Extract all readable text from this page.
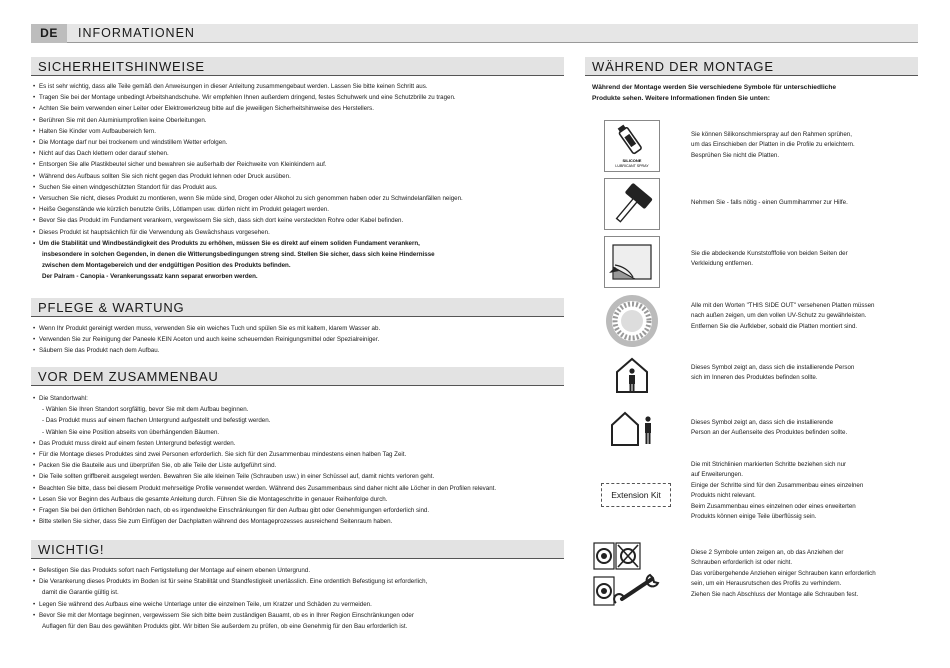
DE	INFORMATIONEN
SICHERHEITSHINWEISE
• Es ist sehr wichtig, dass alle Teile gemäß den Anweisungen in dieser Anleitung zusammengebaut werden. Lassen Sie bitte keinen Schritt aus.
• Tragen Sie bei der Montage unbedingt Arbeitshandschuhe. Wir empfehlen Ihnen außerdem dringend, festes Schuhwerk und eine Schutzbrille zu tragen.
• Achten Sie beim verwenden einer Leiter oder Elektrowerkzeug bitte auf die jeweiligen Sicherheitshinweise des Herstellers.
• Berühren Sie mit den Aluminiumprofilen keine Oberleitungen.
• Halten Sie Kinder vom Aufbaubereich fern.
• Die Montage darf nur bei trockenem und windstillem Wetter erfolgen.
• Nicht auf das Dach klettern oder darauf stehen.
• Entsorgen Sie alle Plastikbeutel sicher und bewahren sie außerhalb der Reichweite von Kleinkindern auf.
• Während des Aufbaus sollten Sie sich nicht gegen das Produkt lehnen oder Druck ausüben.
• Suchen Sie einen windgeschützten Standort für das Produkt aus.
• Versuchen Sie nicht, dieses Produkt zu montieren, wenn Sie müde sind, Drogen oder Alkohol zu sich genommen haben oder zu Schwindelanfällen neigen.
• Heiße Gegenstände wie kürzlich benutzte Grills, Lötlampen usw. dürfen nicht im Produkt gelagert werden.
• Bevor Sie das Produkt im Fundament verankern, vergewissern Sie sich, dass sich dort keine versteckten Rohre oder Kabel befinden.
• Dieses Produkt ist hauptsächlich für die Verwendung als Gewächshaus vorgesehen.
• Um die Stabilität und Windbeständigkeit des Produkts zu erhöhen, müssen Sie es direkt auf einem soliden Fundament verankern,
insbesondere in solchen Gegenden, in denen die Witterungsbedingungen streng sind. Stellen Sie sicher, dass sich keine Hindernisse
zwischen dem Montagebereich und der endgültigen Position des Produkts befinden.
Der Palram - Canopia - Verankerungssatz kann separat erworben werden.
PFLEGE & WARTUNG
• Wenn Ihr Produkt gereinigt werden muss, verwenden Sie ein weiches Tuch und spülen Sie es mit kaltem, klarem Wasser ab.
• Verwenden Sie zur Reinigung der Paneele KEIN Aceton und auch keine scheuernden Reinigungsmittel oder Spezialreiniger.
• Säubern Sie das Produkt nach dem Aufbau.
VOR DEM ZUSAMMENBAU
• Die Standortwahl:
- Wählen Sie Ihren Standort sorgfältig, bevor Sie mit dem Aufbau beginnen.
- Das Produkt muss auf einem flachen Untergrund aufgestellt und befestigt werden.
- Wählen Sie eine Position abseits von überhängenden Bäumen.
• Das Produkt muss direkt auf einem festen Untergrund befestigt werden.
• Für die Montage dieses Produktes sind zwei Personen erforderlich. Sie sich für den Zusammenbau mindestens einen halben Tag Zeit.
• Packen Sie die Bauteile aus und überprüfen Sie, ob alle Teile der Liste aufgeführt sind.
• Die Teile sollten griffbereit ausgelegt werden. Bewahren Sie alle kleinen Teile (Schrauben usw.) in einer Schüssel auf, damit nichts verloren geht.
• Beachten Sie bitte, dass bei diesem Produkt mehrseitige Profile verwendet werden. Während des Zusammenbaus sind daher nicht alle Löcher in den Profilen relevant.
• Lesen Sie vor Beginn des Aufbaus die gesamte Anleitung durch. Führen Sie die Montageschritte in genauer Reihenfolge durch.
• Fragen Sie bei den örtlichen Behörden nach, ob es irgendwelche Einschränkungen für den Aufbau gibt oder Genehmigungen erforderlich sind.
• Bitte stellen Sie sicher, dass Sie zum Einfügen der Dachplatten während des Montageprozesses ausreichend Seitenraum haben.
WICHTIG!
• Befestigen Sie das Produkts sofort nach Fertigstellung der Montage auf einem ebenen Untergrund.
• Die Verankerung dieses Produkts im Boden ist für seine Stabilität und Standfestigkeit unerlässlich. Eine ordentlich Befestigung ist erforderlich,
damit die Garantie gültig ist.
• Legen Sie während des Aufbaus eine weiche Unterlage unter die einzelnen Teile, um Kratzer und Schäden zu vermeiden.
• Bevor Sie mit der Montage beginnen, vergewissern Sie sich bitte beim zuständigen Bauamt, ob es in Ihrer Region Einschränkungen oder
Auflagen für den Bau des gewählten Produkts gibt. Wir bitten Sie außerdem zu prüfen, ob eine Genehmig für den Bau erforderlich ist.
WÄHREND DER MONTAGE
Während der Montage werden Sie verschiedene Symbole für unterschiedliche
Produkte sehen. Weitere Informationen finden Sie unten:
SILICONE
LUBRICANT SPRAY
Sie können Silikonschmierspray auf den Rahmen sprühen,
um das Einschieben der Platten in die Profile zu erleichtern.
Besprühen Sie nicht die Platten.
Nehmen Sie - falls nötig - einen Gummihammer zur Hilfe.
Sie die abdeckende Kunststofffolie von beiden Seiten der
Verkleidung entfernen.
Alle mit den Worten "THIS SIDE OUT" versehenen Platten müssen
nach außen zeigen, um den vollen UV-Schutz zu gewährleisten.
Entfernen Sie die Aufkleber, sobald die Platten montiert sind.
Dieses Symbol zeigt an, dass sich die installierende Person
sich im Inneren des Produktes befinden sollte.
Dieses Symbol zeigt an, dass sich die installierende
Person an der Außenseite des Produktes befinden sollte.
Extension Kit
Die mit Strichlinien markierten Schritte beziehen sich nur
auf Erweiterungen.
Einige der Schritte sind für den Zusammenbau eines einzelnen
Produkts nicht relevant.
Beim Zusammenbau eines einzelnen oder eines erweiterten
Produkts können einige Teile überflüssig sein.
Diese 2 Symbole unten zeigen an, ob das Anziehen der
Schrauben erforderlich ist oder nicht.
Das vorübergehende Anziehen einiger Schrauben kann erforderlich
sein, um ein Herausrutschen des Profils zu verhindern.
Ziehen Sie nach Abschluss der Montage alle Schrauben fest.
